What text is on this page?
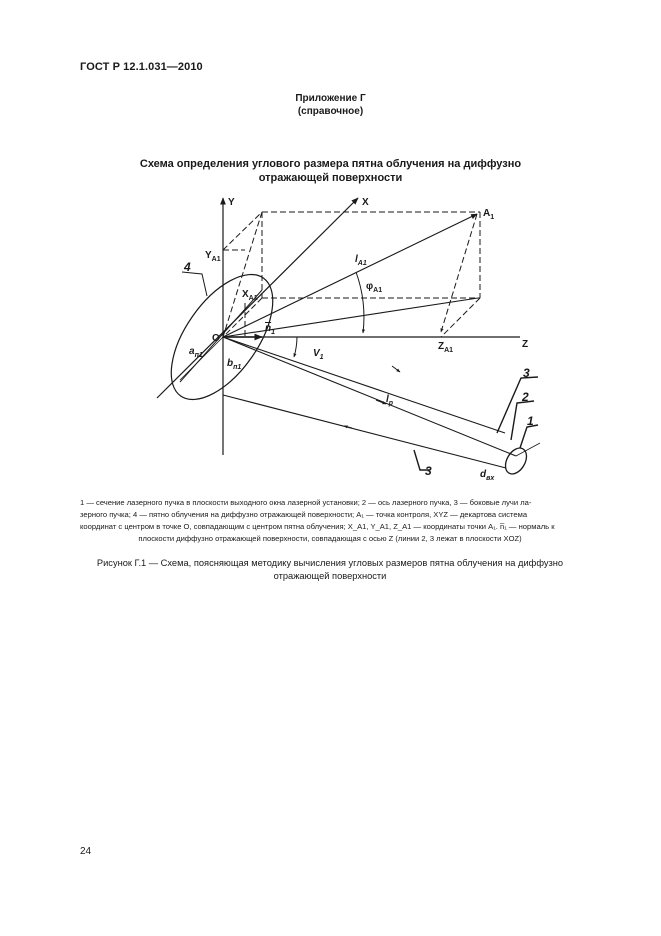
ГОСТ Р 12.1.031—2010
Приложение Г
(справочное)
Схема определения углового размера пятна облучения на диффузно
отражающей поверхности
Y	X
Z
O
$A_1$
$Y_{A1}$
$X_{A1}$
$Z_{A1}$
$l_{A1}$
$\varphi_{A1}$
$n_1$
$V_1$
$a_{п1}$
$b_{п1}$
$l_p$
$d_{вх}$
1
2
3
3
4
1 — сечение лазерного пучка в плоскости выходного окна лазерной установки; 2 — ось лазерного пучка, 3 — боковые лучи ла-
зерного пучка; 4 — пятно облучения на диффузно отражающей поверхности; A₁ — точка контроля, XYZ — декартова система
координат с центром в точке O, совпадающим с центром пятна облучения; X_A1, Y_A1, Z_A1 — координаты точки A₁. n̅₁ — нормаль к
плоскости диффузно отражающей поверхности, совпадающая с осью Z (линии 2, 3 лежат в плоскости XOZ)
Рисунок Г.1 — Схема, поясняющая методику вычисления угловых размеров пятна облучения на диффузно
отражающей поверхности
24
